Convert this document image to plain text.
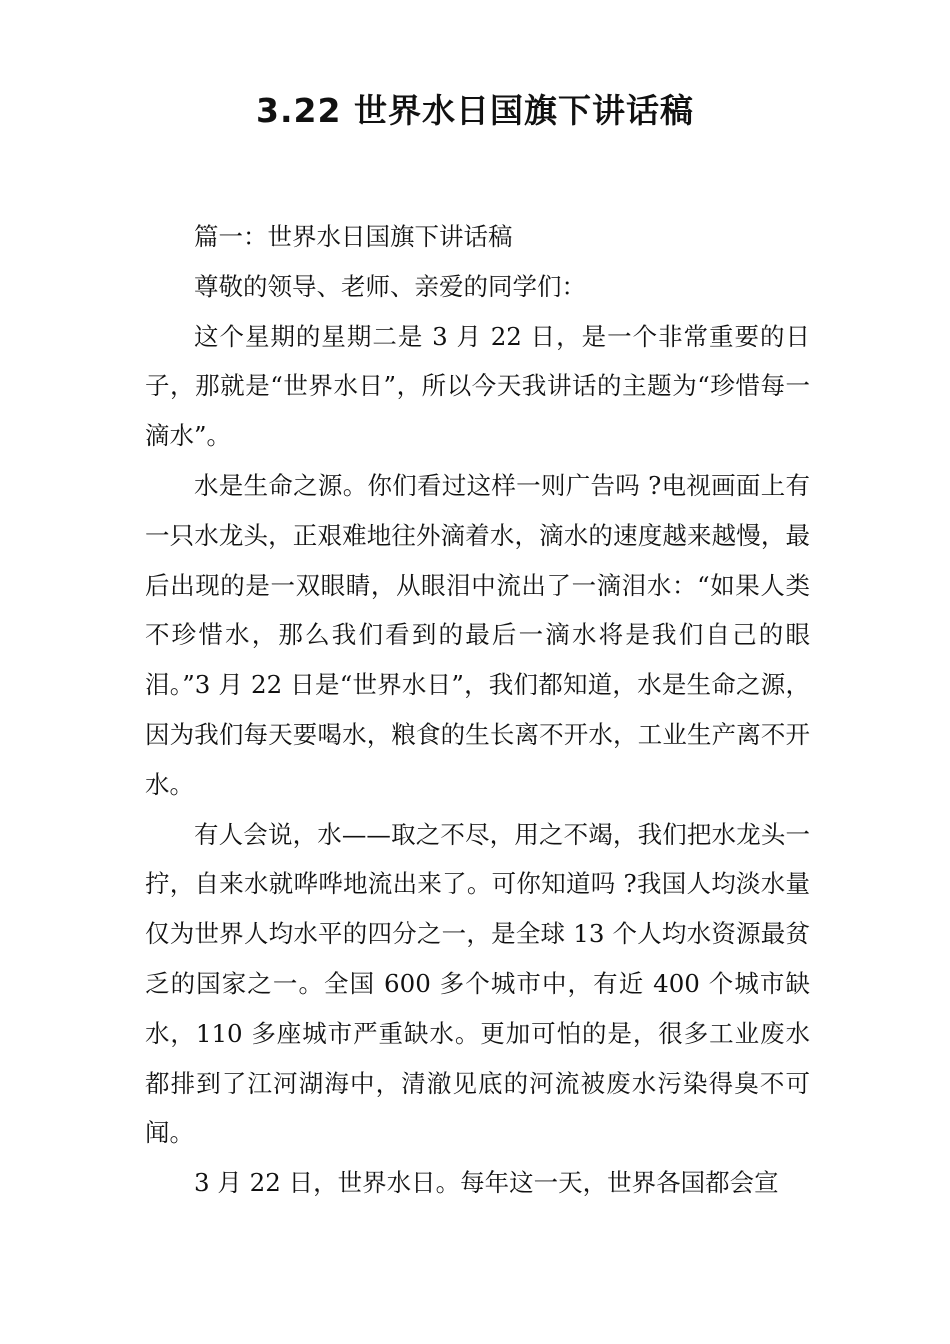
3.22 世界水日国旗下讲话稿

篇一：世界水日国旗下讲话稿

尊敬的领导、老师、亲爱的同学们：

这个星期的星期二是 3 月 22 日，是一个非常重要的日子，那就是“世界水日”，所以今天我讲话的主题为“珍惜每一滴水”。

水是生命之源。你们看过这样一则广告吗 ?电视画面上有一只水龙头，正艰难地往外滴着水，滴水的速度越来越慢，最后出现的是一双眼睛，从眼泪中流出了一滴泪水：“如果人类不珍惜水，那么我们看到的最后一滴水将是我们自己的眼泪。”3 月 22 日是“世界水日”，我们都知道，水是生命之源，因为我们每天要喝水，粮食的生长离不开水，工业生产离不开水。

有人会说，水——取之不尽，用之不竭，我们把水龙头一拧，自来水就哗哗地流出来了。可你知道吗 ?我国人均淡水量仅为世界人均水平的四分之一，是全球 13 个人均水资源最贫乏的国家之一。全国 600 多个城市中，有近 400 个城市缺水，110 多座城市严重缺水。更加可怕的是，很多工业废水都排到了江河湖海中，清澈见底的河流被废水污染得臭不可闻。

3 月 22 日，世界水日。每年这一天，世界各国都会宣
